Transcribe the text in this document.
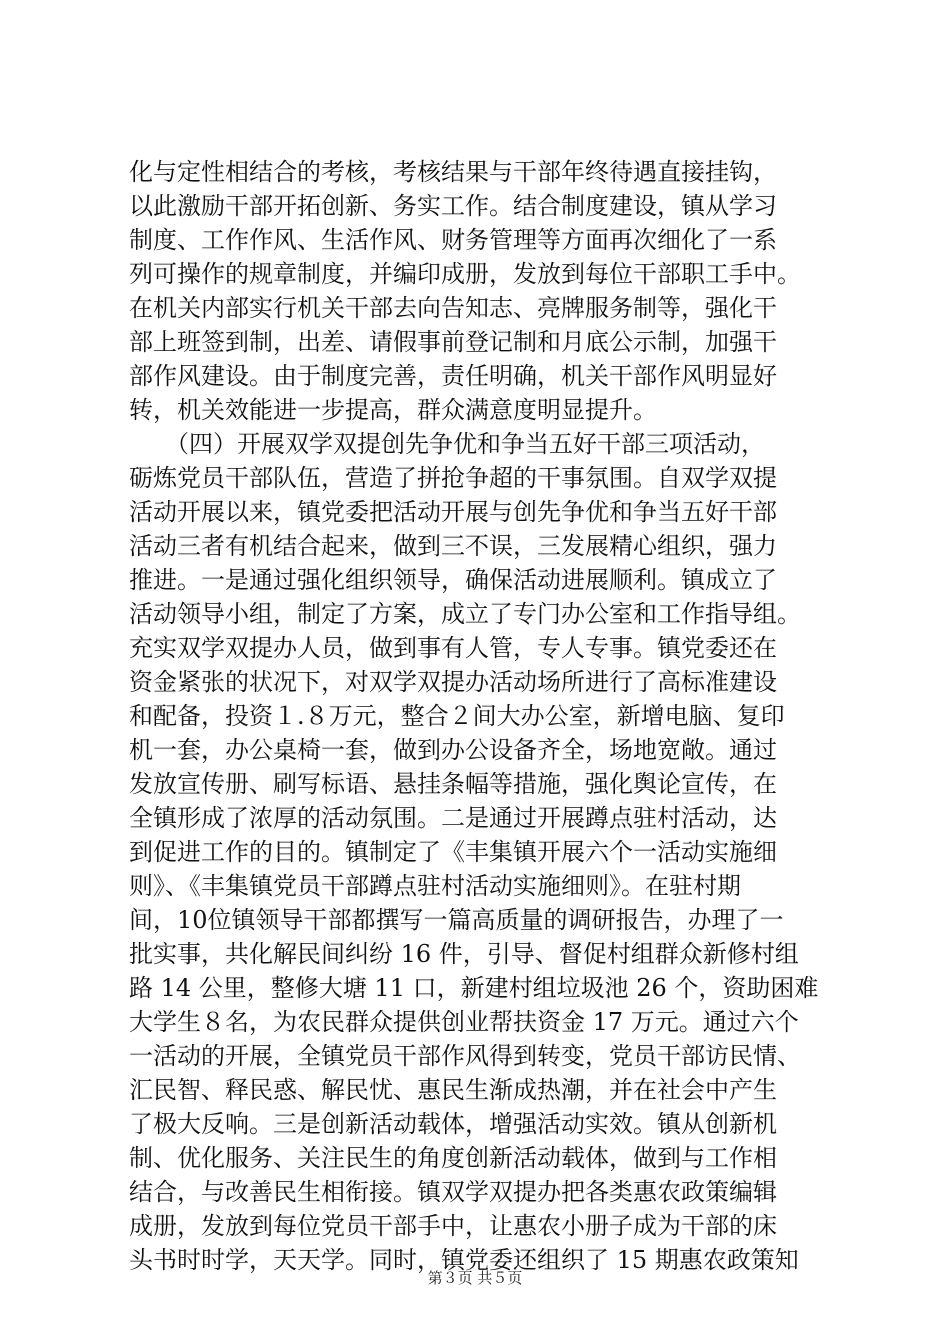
化与定性相结合的考核，考核结果与干部年终待遇直接挂钩，
以此激励干部开拓创新、务实工作。结合制度建设，镇从学习
制度、工作作风、生活作风、财务管理等方面再次细化了一系
列可操作的规章制度，并编印成册，发放到每位干部职工手中。
在机关内部实行机关干部去向告知志、亮牌服务制等，强化干
部上班签到制，出差、请假事前登记制和月底公示制，加强干
部作风建设。由于制度完善，责任明确，机关干部作风明显好
转，机关效能进一步提高，群众满意度明显提升。
　　（四）开展双学双提创先争优和争当五好干部三项活动，
砺炼党员干部队伍，营造了拼抢争超的干事氛围。自双学双提
活动开展以来，镇党委把活动开展与创先争优和争当五好干部
活动三者有机结合起来，做到三不误，三发展精心组织，强力
推进。一是通过强化组织领导，确保活动进展顺利。镇成立了
活动领导小组，制定了方案，成立了专门办公室和工作指导组。
充实双学双提办人员，做到事有人管，专人专事。镇党委还在
资金紧张的状况下，对双学双提办活动场所进行了高标准建设
和配备，投资１.８万元，整合２间大办公室，新增电脑、复印
机一套，办公桌椅一套，做到办公设备齐全，场地宽敞。通过
发放宣传册、刷写标语、悬挂条幅等措施，强化舆论宣传，在
全镇形成了浓厚的活动氛围。二是通过开展蹲点驻村活动，达
到促进工作的目的。镇制定了《丰集镇开展六个一活动实施细
则》、《丰集镇党员干部蹲点驻村活动实施细则》。在驻村期
间，10位镇领导干部都撰写一篇高质量的调研报告，办理了一
批实事，共化解民间纠纷 16 件，引导、督促村组群众新修村组
路 14 公里，整修大塘 11 口，新建村组垃圾池 26 个，资助困难
大学生８名，为农民群众提供创业帮扶资金 17 万元。通过六个
一活动的开展，全镇党员干部作风得到转变，党员干部访民情、
汇民智、释民惑、解民忧、惠民生渐成热潮，并在社会中产生
了极大反响。三是创新活动载体，增强活动实效。镇从创新机
制、优化服务、关注民生的角度创新活动载体，做到与工作相
结合，与改善民生相衔接。镇双学双提办把各类惠农政策编辑
成册，发放到每位党员干部手中，让惠农小册子成为干部的床
头书时时学，天天学。同时，镇党委还组织了 15 期惠农政策知
第３页 共５页
